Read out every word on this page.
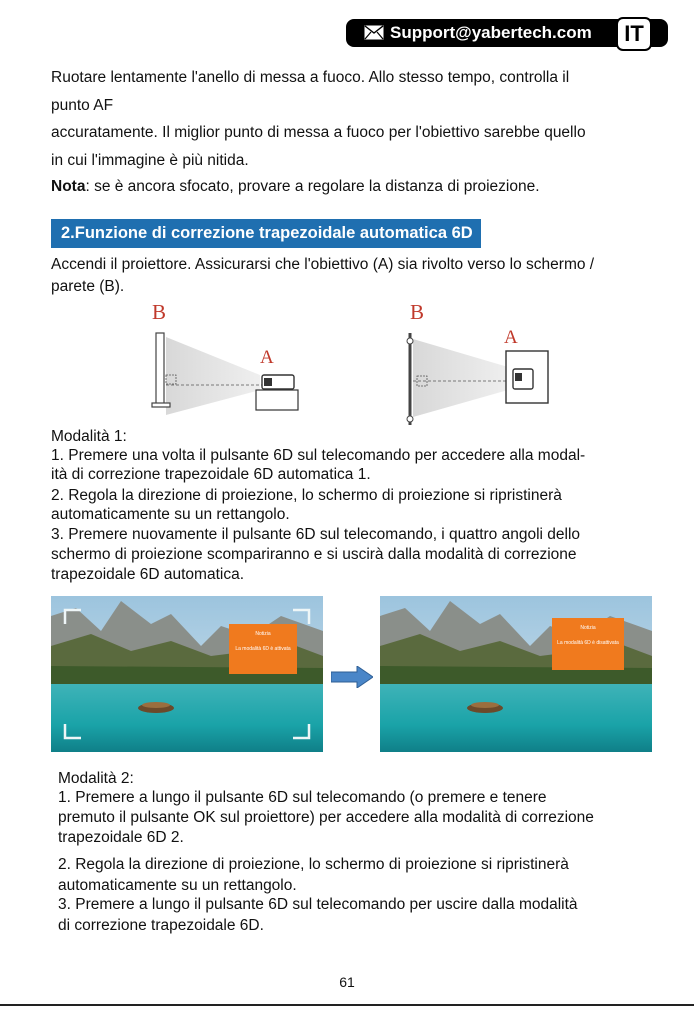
Support@yabertech.com	IT
Ruotare lentamente l'anello di messa a fuoco. Allo stesso tempo, controlla il
punto AF
accuratamente. Il miglior punto di messa a fuoco per l'obiettivo sarebbe quello
in cui l'immagine è più nitida.
Nota: se è ancora sfocato, provare a regolare la distanza di proiezione.
2.Funzione di correzione trapezoidale automatica 6D
Accendi il proiettore. Assicurarsi che l'obiettivo (A) sia rivolto verso lo schermo /
parete (B).
B
A
B
A
Modalità 1:
1. Premere una volta il pulsante 6D sul telecomando per accedere alla modal-
ità di correzione trapezoidale 6D automatica 1.
2. Regola la direzione di proiezione, lo schermo di proiezione si ripristinerà
automaticamente su un rettangolo.
3. Premere nuovamente il pulsante 6D sul telecomando, i quattro angoli dello
schermo di proiezione scompariranno e si uscirà dalla modalità di correzione
trapezoidale 6D automatica.
Notizia
La modalità 6D è attivata
Notizia
La modalità 6D è disattivata
Modalità 2:
1. Premere a lungo il pulsante 6D sul telecomando (o premere e tenere
premuto il pulsante OK sul proiettore) per accedere alla modalità di correzione
trapezoidale 6D 2.
2. Regola la direzione di proiezione, lo schermo di proiezione si ripristinerà
automaticamente su un rettangolo.
3. Premere a lungo il pulsante 6D sul telecomando per uscire dalla modalità
di correzione trapezoidale 6D.
61
